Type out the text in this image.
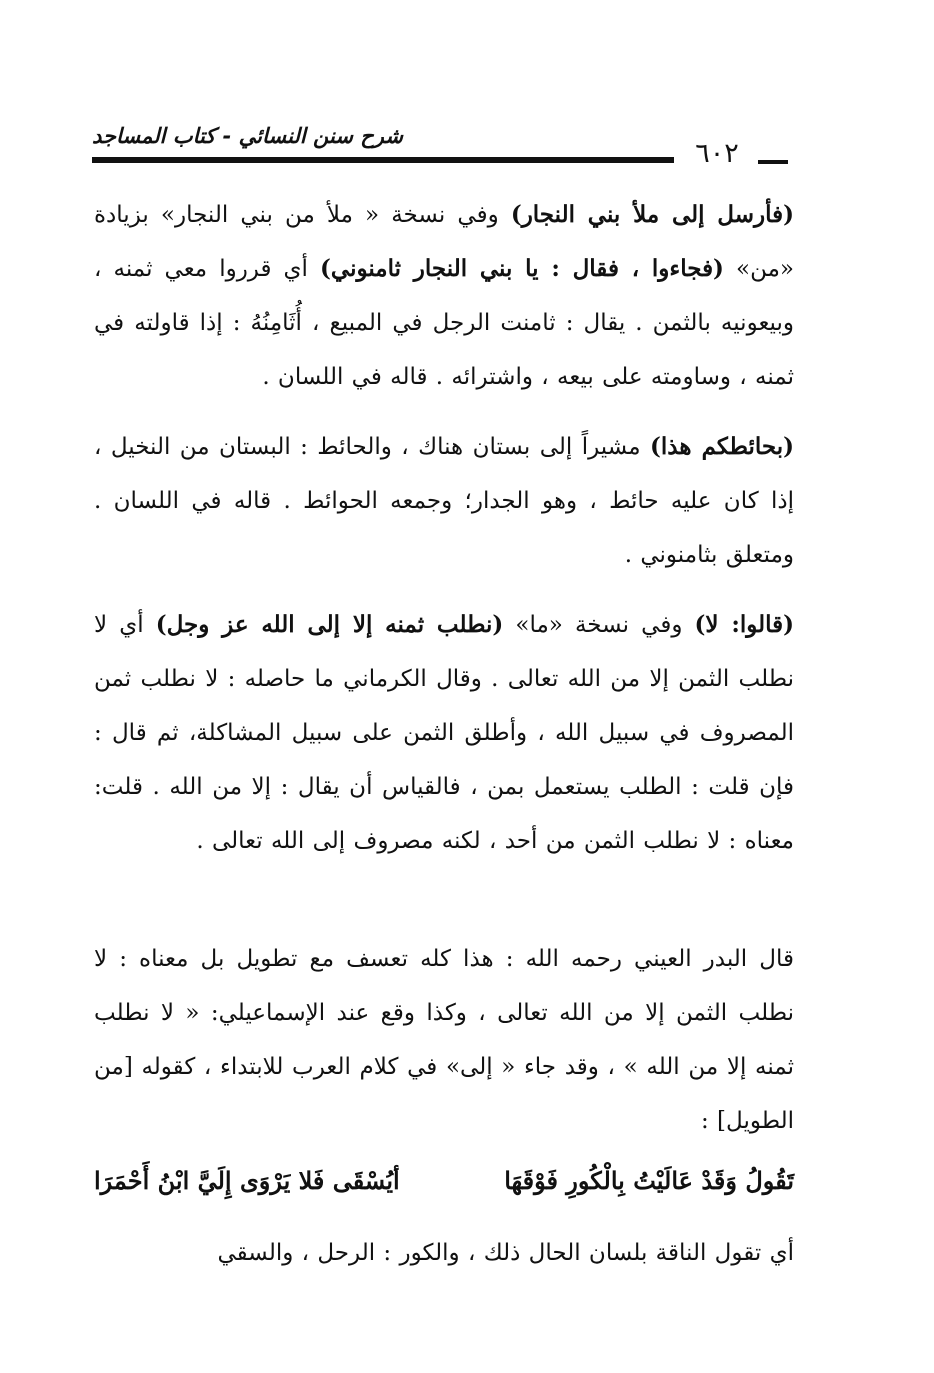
شرح سنن النسائي - كتاب المساجد
٦٠٢

(فأرسل إلى ملأ بني النجار) وفي نسخة « ملأ من بني النجار» بزيادة «من» (فجاءوا ، فقال : يا بني النجار ثامنوني) أي قرروا معي ثمنه ، وبيعونيه بالثمن . يقال : ثامنت الرجل في المبيع ، أُثَامِنُهُ : إذا قاولته في ثمنه ، وساومته على بيعه ، واشترائه . قاله في اللسان .

(بحائطكم هذا) مشيراً إلى بستان هناك ، والحائط : البستان من النخيل ، إذا كان عليه حائط ، وهو الجدار؛ وجمعه الحوائط . قاله في اللسان . ومتعلق بثامنوني .

(قالوا: لا) وفي نسخة «ما» (نطلب ثمنه إلا إلى الله عز وجل) أي لا نطلب الثمن إلا من الله تعالى . وقال الكرماني ما حاصله : لا نطلب ثمن المصروف في سبيل الله ، وأطلق الثمن على سبيل المشاكلة، ثم قال : فإن قلت : الطلب يستعمل بمن ، فالقياس أن يقال : إلا من الله . قلت: معناه : لا نطلب الثمن من أحد ، لكنه مصروف إلى الله تعالى .

قال البدر العيني رحمه الله : هذا كله تعسف مع تطويل بل معناه : لا نطلب الثمن إلا من الله تعالى ، وكذا وقع عند الإسماعيلي: « لا نطلب ثمنه إلا من الله » ، وقد جاء « إلى» في كلام العرب للابتداء ، كقوله [من الطويل] :

تَقُولُ وَقَدْ عَالَيْتُ بِالْكُورِ فَوْقَهَا
أيُسْقَى فَلا يَرْوَى إِلَيَّ ابْنُ أَحْمَرَا

أي تقول الناقة بلسان الحال ذلك ، والكور : الرحل ، والسقي
